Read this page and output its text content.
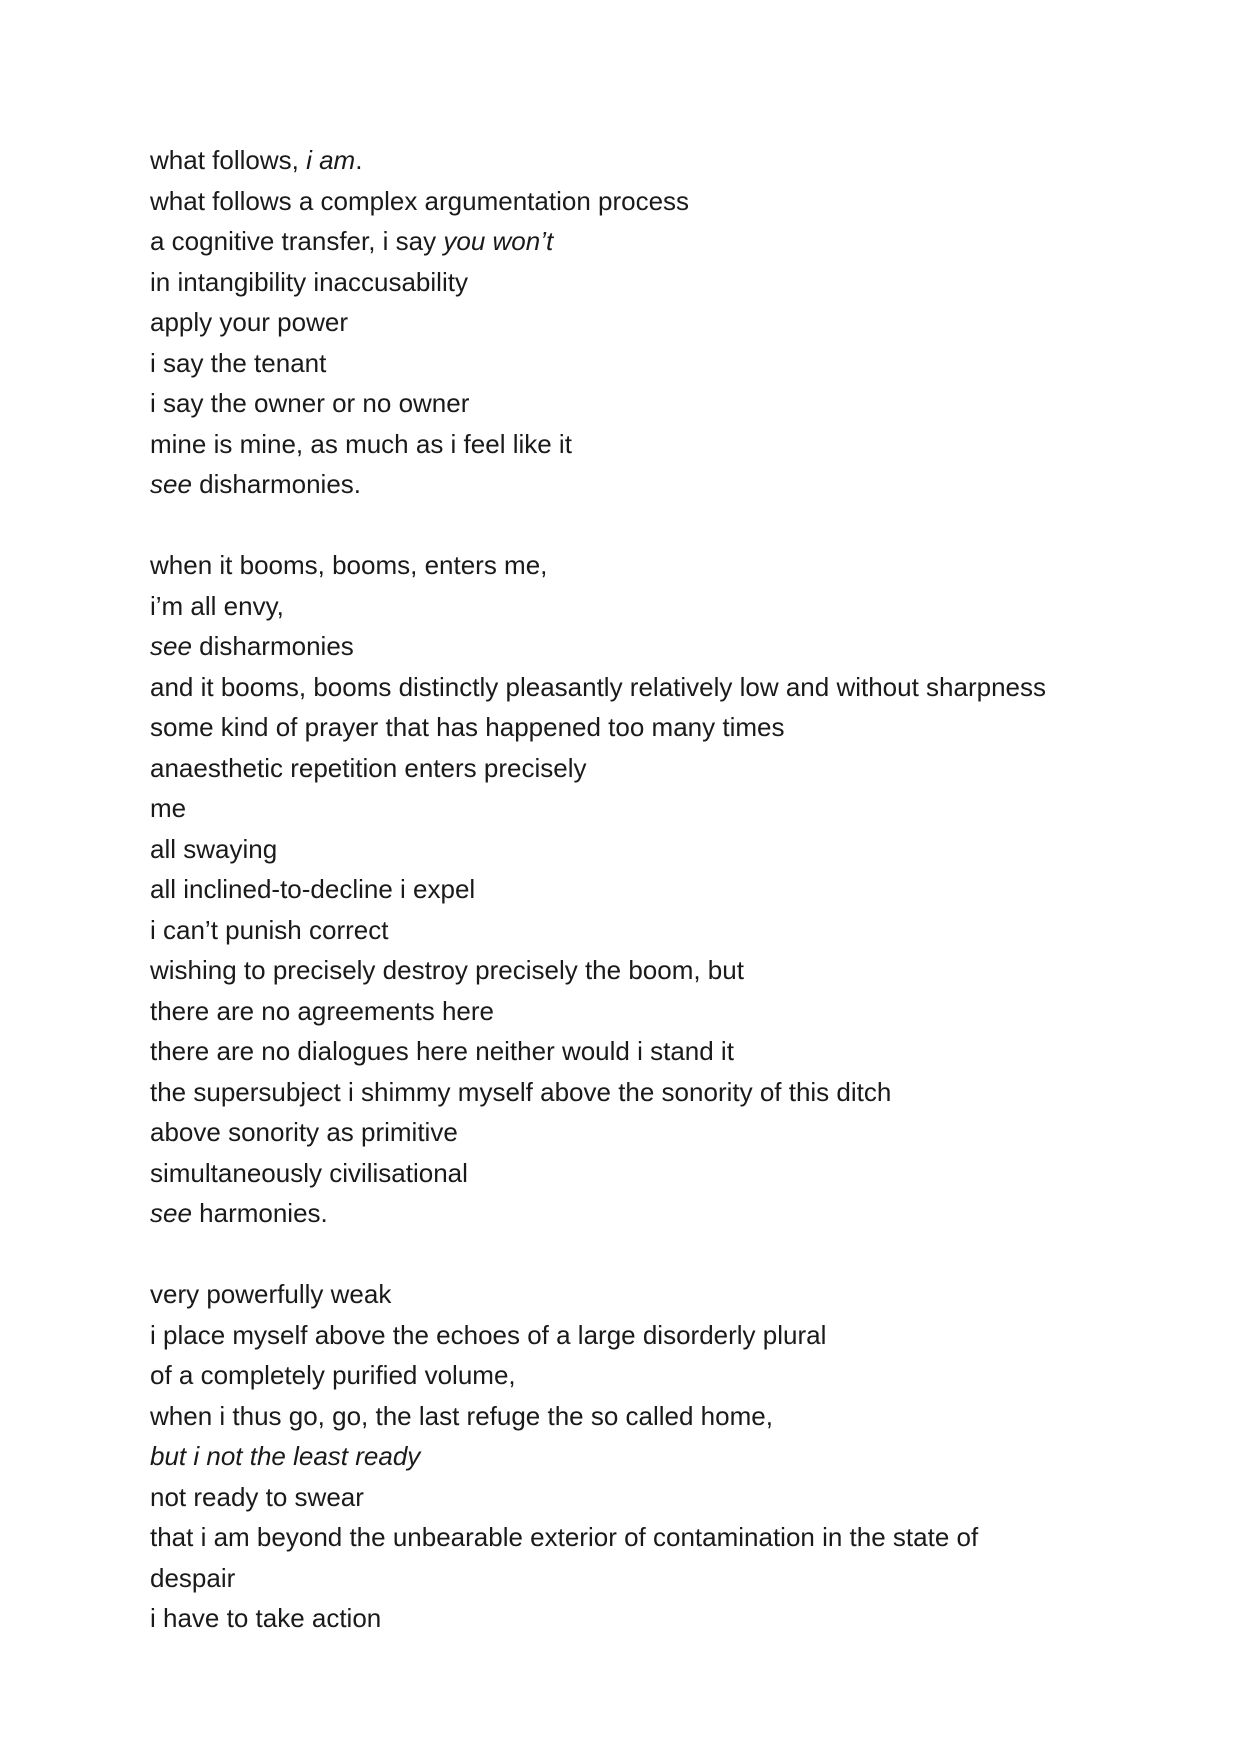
what follows, i am.
what follows a complex argumentation process
a cognitive transfer, i say you won’t
in intangibility inaccusability
apply your power
i say the tenant
i say the owner or no owner
mine is mine, as much as i feel like it
see disharmonies.
when it booms, booms, enters me,
i’m all envy,
see disharmonies
and it booms, booms distinctly pleasantly relatively low and without sharpness
some kind of prayer that has happened too many times
anaesthetic repetition enters precisely
me
all swaying
all inclined-to-decline i expel
i can’t punish correct
wishing to precisely destroy precisely the boom, but
there are no agreements here
there are no dialogues here neither would i stand it
the supersubject i shimmy myself above the sonority of this ditch
above sonority as primitive
simultaneously civilisational
see harmonies.
very powerfully weak
i place myself above the echoes of a large disorderly plural
of a completely purified volume,
when i thus go, go, the last refuge the so called home,
but i not the least ready
not ready to swear
that i am beyond the unbearable exterior of contamination in the state of
despair
i have to take action
